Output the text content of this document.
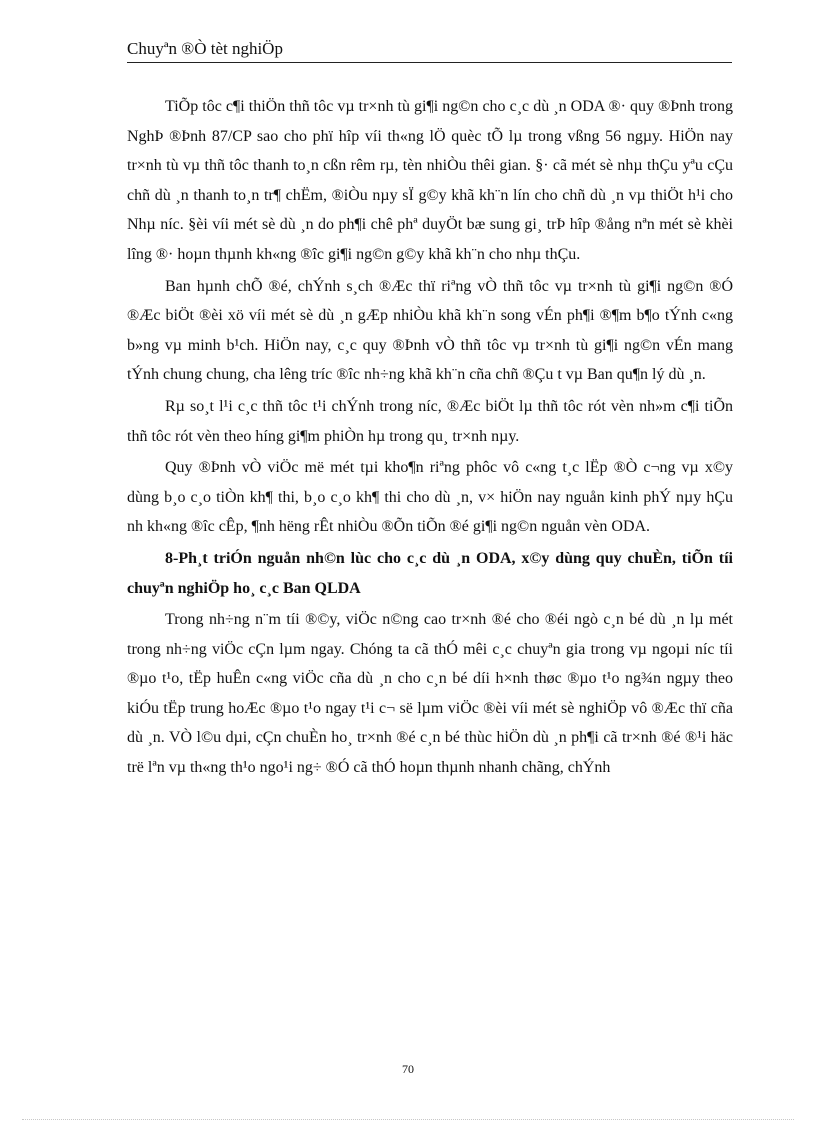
Chuyªn ®Ò tèt nghiÖp

TiÕp tôc c¶i thiÖn thñ tôc vµ tr×nh tù gi¶i ng©n cho c¸c dù ¸n ODA ®· quy ®Þnh trong NghÞ ®Þnh 87/CP sao cho phï hîp víi th«ng lÖ quèc tÕ lµ trong vßng 56 ngµy. HiÖn nay tr×nh tù vµ thñ tôc thanh to¸n cßn rêm rµ, tèn nhiÒu thêi gian. §· cã mét sè nhµ thÇu yªu cÇu chñ dù ¸n thanh to¸n tr¶ chËm, ®iÒu nµy sÏ g©y khã kh¨n lín cho chñ dù ¸n vµ thiÖt h¹i cho Nhµ níc. §èi víi mét sè dù ¸n do ph¶i chê phª duyÖt bæ sung gi¸ trÞ hîp ®ång nªn mét sè khèi lîng ®· hoµn thµnh kh«ng ®îc gi¶i ng©n g©y khã kh¨n cho nhµ thÇu.

Ban hµnh chÕ ®é, chÝnh s¸ch ®Æc thï riªng vÒ thñ tôc vµ tr×nh tù gi¶i ng©n ®Ó ®Æc biÖt ®èi xö víi mét sè dù ¸n gÆp nhiÒu khã kh¨n song vÉn ph¶i ®¶m b¶o tÝnh c«ng b»ng vµ minh b¹ch. HiÖn nay, c¸c quy ®Þnh vÒ thñ tôc vµ tr×nh tù gi¶i ng©n vÉn mang tÝnh chung chung, cha lêng tríc ®îc nh÷ng khã kh¨n cña chñ ®Çu t vµ Ban qu¶n lý dù ¸n.

Rµ so¸t l¹i c¸c thñ tôc t¹i chÝnh trong níc, ®Æc biÖt lµ thñ tôc rót vèn nh»m c¶i tiÕn thñ tôc rót vèn theo híng gi¶m phiÒn hµ trong qu¸ tr×nh nµy.

Quy ®Þnh vÒ viÖc më mét tµi kho¶n riªng phôc vô c«ng t¸c lËp ®Ò c¬ng vµ x©y dùng b¸o c¸o tiÒn kh¶ thi, b¸o c¸o kh¶ thi cho dù ¸n, v× hiÖn nay nguån kinh phÝ nµy hÇu nh kh«ng ®îc cÊp, ¶nh hëng rÊt nhiÒu ®Õn tiÕn ®é gi¶i ng©n nguån vèn ODA.

8-Ph¸t triÓn nguån nh©n lùc cho c¸c dù ¸n ODA, x©y dùng quy chuÈn, tiÕn tíi chuyªn nghiÖp ho¸ c¸c Ban QLDA

Trong nh÷ng n¨m tíi ®©y, viÖc n©ng cao tr×nh ®é cho ®éi ngò c¸n bé dù ¸n lµ mét trong nh÷ng viÖc cÇn lµm ngay. Chóng ta cã thÓ mêi c¸c chuyªn gia trong vµ ngoµi níc tíi ®µo t¹o, tËp huÊn c«ng viÖc cña dù ¸n cho c¸n bé díi h×nh thøc ®µo t¹o ng¾n ngµy theo kiÓu tËp trung hoÆc ®µo t¹o ngay t¹i c¬ së lµm viÖc ®èi víi mét sè nghiÖp vô ®Æc thï cña dù ¸n. VÒ l©u dµi, cÇn chuÈn ho¸ tr×nh ®é c¸n bé thùc hiÖn dù ¸n ph¶i cã tr×nh ®é ®¹i häc trë lªn vµ th«ng th¹o ngo¹i ng÷ ®Ó cã thÓ hoµn thµnh nhanh chãng, chÝnh

70
